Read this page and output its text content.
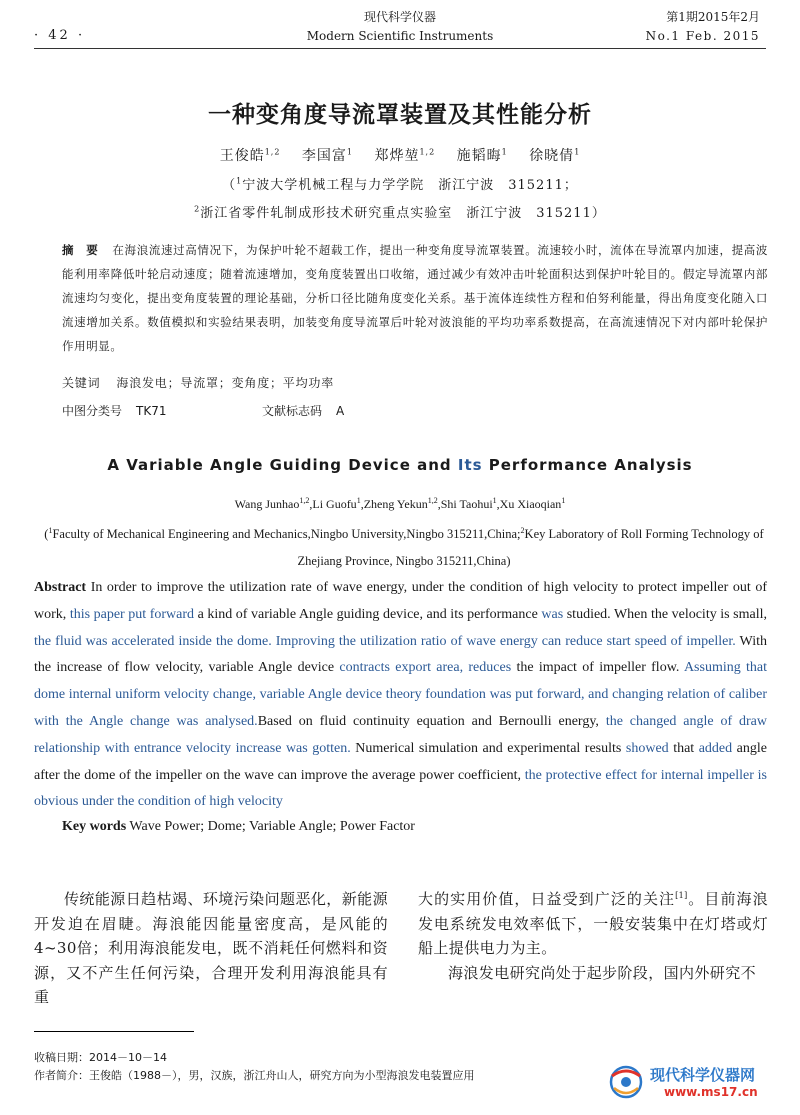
· 42 ·
现代科学仪器
Modern Scientific Instruments
第1期2015年2月
No.1 Feb. 2015
一种变角度导流罩装置及其性能分析
王俊皓$^{1,2}$ 李国富$^1$ 郑烨堃$^{1,2}$ 施韬晦$^1$ 徐晓倩$^1$
（$^1$宁波大学机械工程与力学学院　浙江宁波　315211；
$^2$浙江省零件轧制成形技术研究重点实验室　浙江宁波　315211）
摘　要 在海浪流速过高情况下，为保护叶轮不超载工作，提出一种变角度导流罩装置。流速较小时，流体在导流罩内加速，提高波能利用率降低叶轮启动速度；随着流速增加，变角度装置出口收缩，通过减少有效冲击叶轮面积达到保护叶轮目的。假定导流罩内部流速均匀变化，提出变角度装置的理论基础，分析口径比随角度变化关系。基于流体连续性方程和伯努利能量，得出角度变化随入口流速增加关系。数值模拟和实验结果表明，加装变角度导流罩后叶轮对波浪能的平均功率系数提高，在高流速情况下对内部叶轮保护作用明显。
关键词 海浪发电；导流罩；变角度；平均功率
中图分类号 TK71	文献标志码 A
A Variable Angle Guiding Device and Its Performance Analysis
Wang Junhao$^{1,2}$,Li Guofu$^1$,Zheng Yekun$^{1,2}$,Shi Taohui$^1$,Xu Xiaoqian$^1$
($^1$Faculty of Mechanical Engineering and Mechanics,Ningbo University,Ningbo 315211,China;$^2$Key Laboratory of Roll Forming Technology of Zhejiang Province, Ningbo 315211,China)
Abstract In order to improve the utilization rate of wave energy, under the condition of high velocity to protect impeller out of work, this paper put forward a kind of variable Angle guiding device, and its performance was studied. When the velocity is small, the fluid was accelerated inside the dome. Improving the utilization ratio of wave energy can reduce start speed of impeller. With the increase of flow velocity, variable Angle device contracts export area, reduces the impact of impeller flow. Assuming that dome internal uniform velocity change, variable Angle device theory foundation was put forward, and changing relation of caliber with the Angle change was analysed.Based on fluid continuity equation and Bernoulli energy, the changed angle of draw relationship with entrance velocity increase was gotten. Numerical simulation and experimental results showed that added angle after the dome of the impeller on the wave can improve the average power coefficient, the protective effect for internal impeller is obvious under the condition of high velocity
Key words Wave Power; Dome; Variable Angle; Power Factor

传统能源日趋枯竭、环境污染问题恶化，新能源开发迫在眉睫。海浪能因能量密度高，是风能的4~30倍；利用海浪能发电，既不消耗任何燃料和资源，又不产生任何污染，合理开发利用海浪能具有重

大的实用价值，日益受到广泛的关注[1]。目前海浪发电系统发电效率低下，一般安装集中在灯塔或灯船上提供电力为主。

海浪发电研究尚处于起步阶段，国内外研究不

收稿日期：2014－10－14
作者简介：王俊皓（1988－），男，汉族，浙江舟山人，研究方向为小型海浪发电装置应用	现代科学仪器网
www.ms17.cn
